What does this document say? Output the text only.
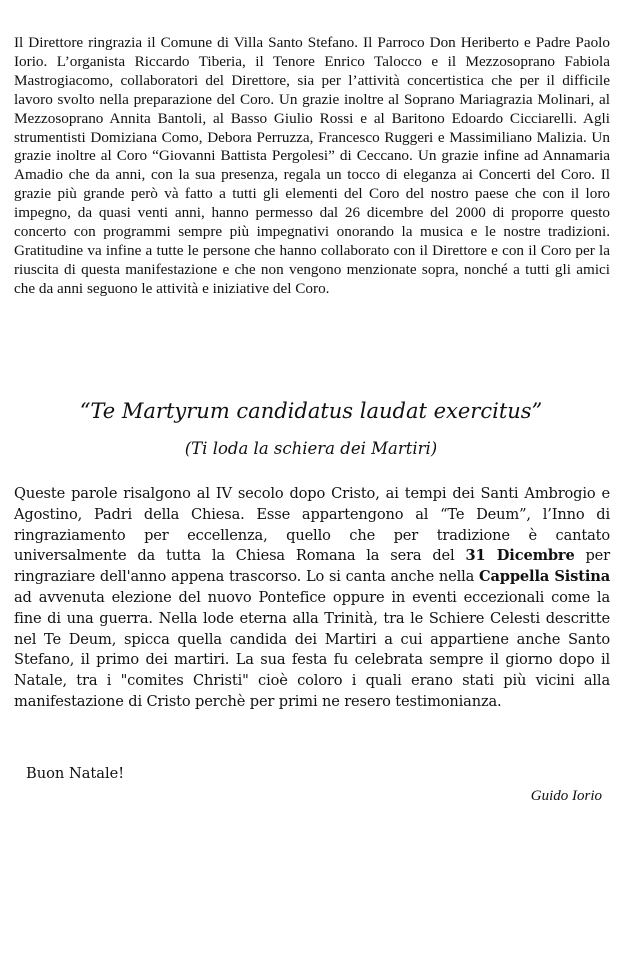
Il Direttore ringrazia il Comune di Villa Santo Stefano. Il Parroco Don Heriberto e Padre Paolo Iorio. L’organista Riccardo Tiberia, il Tenore Enrico Talocco e il Mezzosoprano Fabiola Mastrogiacomo, collaboratori del Direttore, sia per l’attività concertistica che per il difficile lavoro svolto nella preparazione del Coro. Un grazie inoltre al Soprano Mariagrazia Molinari, al Mezzosoprano Annita Bantoli, al Basso Giulio Rossi e al Baritono Edoardo Cicciarelli. Agli strumentisti Domiziana Como, Debora Perruzza, Francesco Ruggeri e Massimiliano Malizia. Un grazie inoltre al Coro “Giovanni Battista Pergolesi” di Ceccano. Un grazie infine ad Annamaria Amadio che da anni, con la sua presenza, regala un tocco di eleganza ai Concerti del Coro. Il grazie più grande però và fatto a tutti gli elementi del Coro del nostro paese che con il loro impegno, da quasi venti anni, hanno permesso dal 26 dicembre del 2000 di proporre questo concerto con programmi sempre più impegnativi onorando la musica e le nostre tradizioni. Gratitudine va infine a tutte le persone che hanno collaborato con il Direttore e con il Coro per la riuscita di questa manifestazione e che non vengono menzionate sopra, nonché a tutti gli amici che da anni seguono le attività e iniziative del Coro.

“Te Martyrum candidatus laudat exercitus”

(Ti loda la schiera dei Martiri)

Queste parole risalgono al IV secolo dopo Cristo, ai tempi dei Santi Ambrogio e Agostino, Padri della Chiesa. Esse appartengono al “Te Deum”, l’Inno di ringraziamento per eccellenza, quello che per tradizione è cantato universalmente da tutta la Chiesa Romana la sera del 31 Dicembre per ringraziare dell'anno appena trascorso. Lo si canta anche nella Cappella Sistina ad avvenuta elezione del nuovo Pontefice oppure in eventi eccezionali come la fine di una guerra. Nella lode eterna alla Trinità, tra le Schiere Celesti descritte nel Te Deum, spicca quella candida dei Martiri a cui appartiene anche Santo Stefano, il primo dei martiri. La sua festa fu celebrata sempre il giorno dopo il Natale, tra i "comites Christi" cioè coloro i quali erano stati più vicini alla manifestazione di Cristo perchè per primi ne resero testimonianza.

Buon Natale!

Guido Iorio
